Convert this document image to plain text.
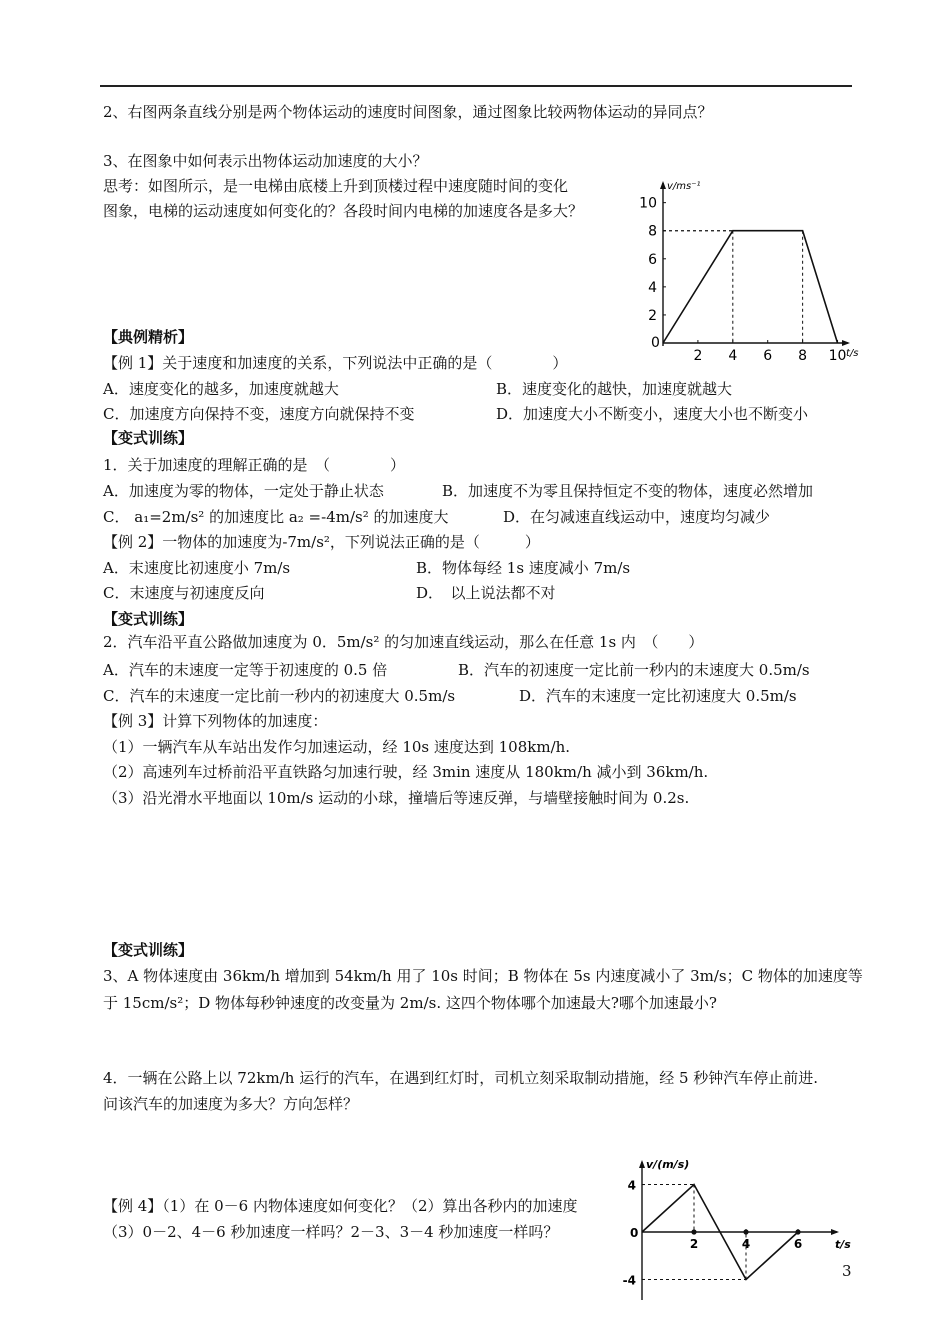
2、右图两条直线分别是两个物体运动的速度时间图象，通过图象比较两物体运动的异同点？
3、在图象中如何表示出物体运动加速度的大小？
思考：如图所示，是一电梯由底楼上升到顶楼过程中速度随时间的变化
图象，电梯的运动速度如何变化的？各段时间内电梯的加速度各是多大？
v/ms⁻¹
t/s
0
2 4 6 8 10
2
4
6
8
10
【典例精析】
【例 1】关于速度和加速度的关系，下列说法中正确的是（　　　　）
A．速度变化的越多，加速度就越大	B．速度变化的越快，加速度就越大
C．加速度方向保持不变，速度方向就保持不变	D．加速度大小不断变小，速度大小也不断变小
【变式训练】
1．关于加速度的理解正确的是　（　　　　）
A．加速度为零的物体，一定处于静止状态	B．加速度不为零且保持恒定不变的物体，速度必然增加
C． a₁=2m/s² 的加速度比 a₂ =-4m/s² 的加速度大	D．在匀减速直线运动中，速度均匀减少
【例 2】一物体的加速度为-7m/s²，下列说法正确的是（　　　）
A．末速度比初速度小 7m/s	B．物体每经 1s 速度减小 7m/s
C．末速度与初速度反向	D．　以上说法都不对
【变式训练】
2．汽车沿平直公路做加速度为 0．5m/s² 的匀加速直线运动，那么在任意 1s 内　（　　）
A．汽车的末速度一定等于初速度的 0.5 倍	B．汽车的初速度一定比前一秒内的末速度大 0.5m/s
C．汽车的末速度一定比前一秒内的初速度大 0.5m/s	D．汽车的末速度一定比初速度大 0.5m/s
【例 3】计算下列物体的加速度：
（1）一辆汽车从车站出发作匀加速运动，经 10s 速度达到 108km/h.
（2）高速列车过桥前沿平直铁路匀加速行驶，经 3min 速度从 180km/h 减小到 36km/h.
（3）沿光滑水平地面以 10m/s 运动的小球，撞墙后等速反弹，与墙壁接触时间为 0.2s.
【变式训练】
3、A 物体速度由 36km/h 增加到 54km/h 用了 10s 时间；B 物体在 5s 内速度减小了 3m/s；C 物体的加速度等
于 15cm/s²；D 物体每秒钟速度的改变量为 2m/s. 这四个物体哪个加速最大?哪个加速最小?
4．一辆在公路上以 72km/h 运行的汽车，在遇到红灯时，司机立刻采取制动措施，经 5 秒钟汽车停止前进.
问该汽车的加速度为多大？方向怎样？
【例 4】（1）在 0－6 内物体速度如何变化？（2）算出各秒内的加速度
（3）0－2、4－6 秒加速度一样吗？2－3、3－4 秒加速度一样吗？
v/(m/s)
t/s
0
2	4	6
4
-4
3
